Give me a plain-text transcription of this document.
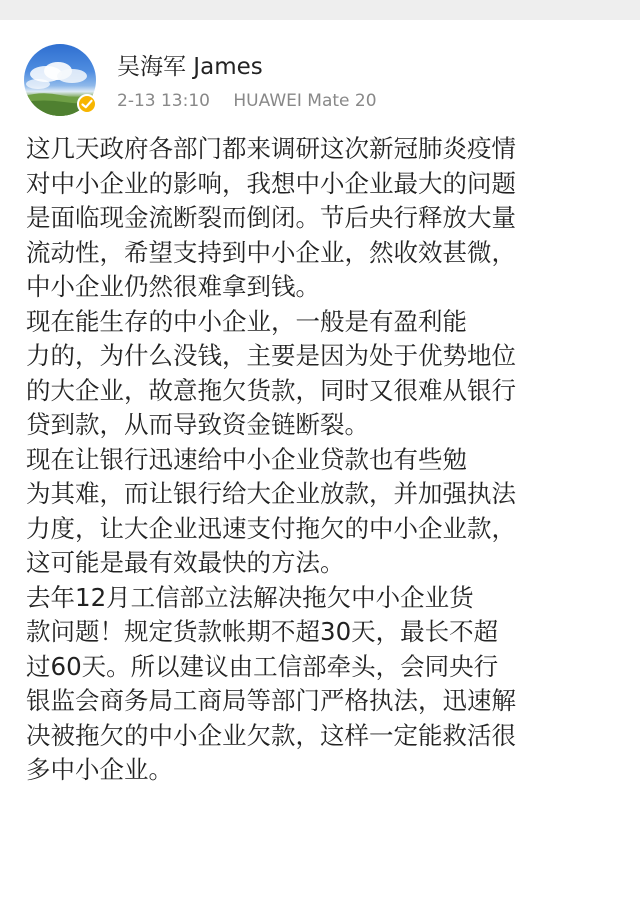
吴海军 James
2-13 13:10 HUAWEI Mate 20

这几天政府各部门都来调研这次新冠肺炎疫情
对中小企业的影响，我想中小企业最大的问题
是面临现金流断裂而倒闭。节后央行释放大量
流动性，希望支持到中小企业，然收效甚微，
中小企业仍然很难拿到钱。

现在能生存的中小企业，一般是有盈利能
力的，为什么没钱，主要是因为处于优势地位
的大企业，故意拖欠货款，同时又很难从银行
贷到款，从而导致资金链断裂。

现在让银行迅速给中小企业贷款也有些勉
为其难，而让银行给大企业放款，并加强执法
力度，让大企业迅速支付拖欠的中小企业款，
这可能是最有效最快的方法。

去年12月工信部立法解决拖欠中小企业货
款问题！规定货款帐期不超30天，最长不超
过60天。所以建议由工信部牵头，会同央行
银监会商务局工商局等部门严格执法，迅速解
决被拖欠的中小企业欠款，这样一定能救活很
多中小企业。
